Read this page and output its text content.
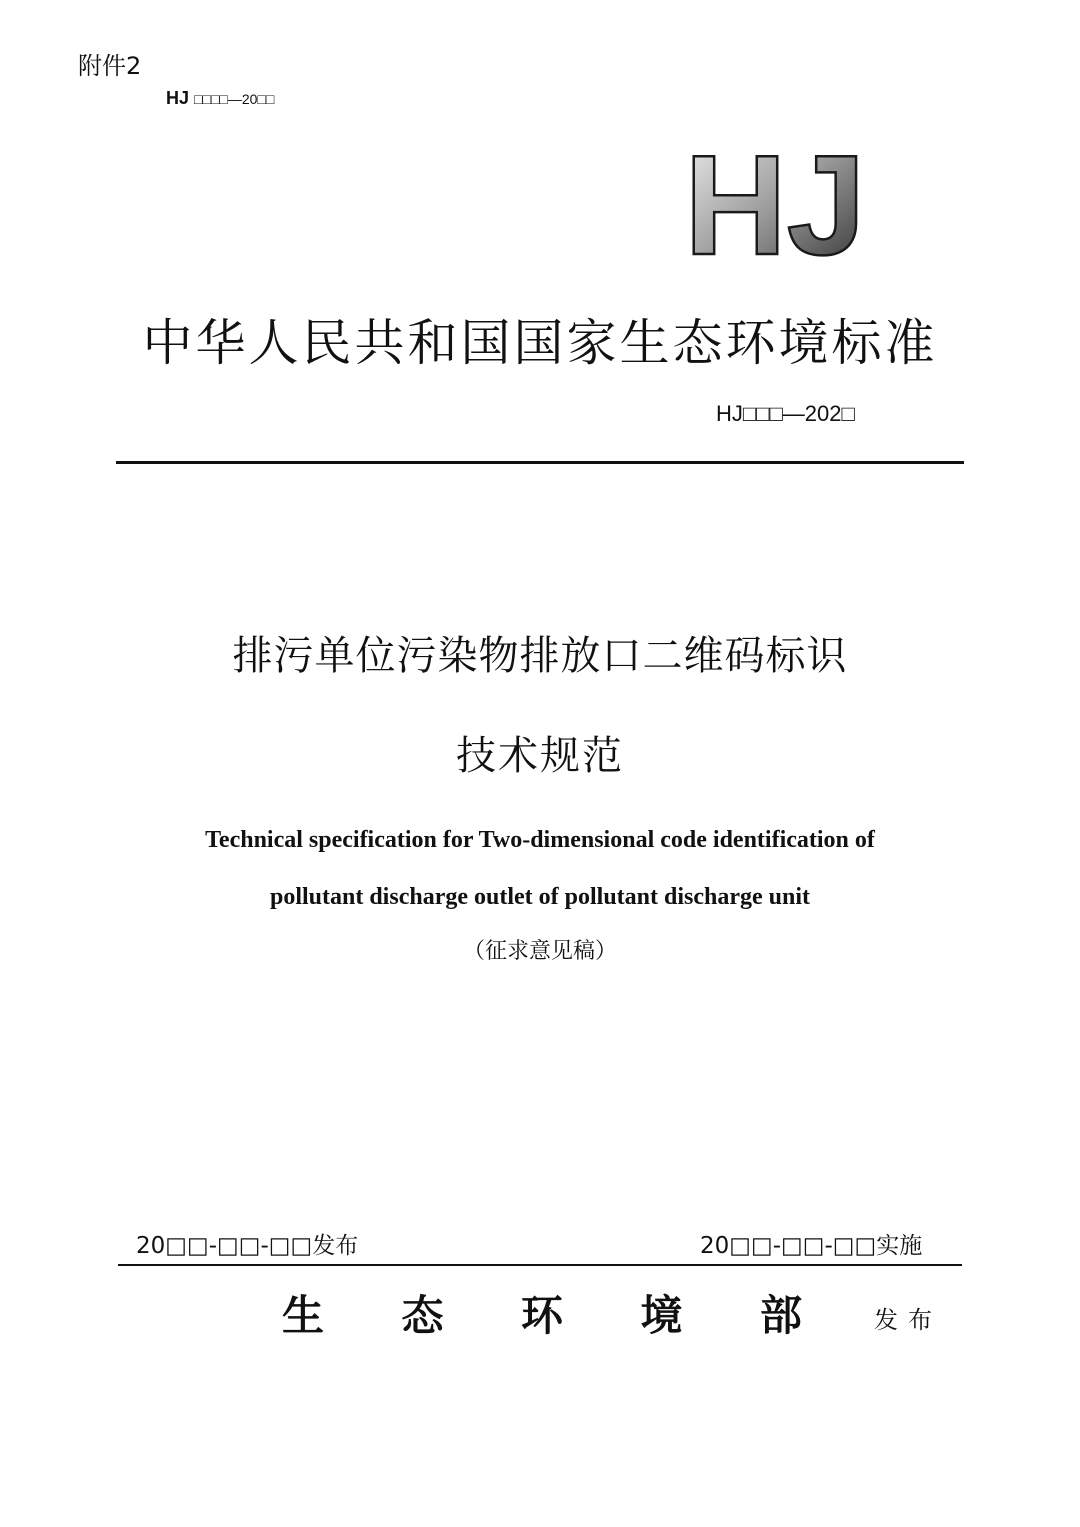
附件2
HJ □□□□—20□□
HJ
中华人民共和国国家生态环境标准
HJ□□□—202□
排污单位污染物排放口二维码标识
技术规范
Technical specification for Two-dimensional code identification of
pollutant discharge outlet of pollutant discharge unit
（征求意见稿）
20□□-□□-□□发布	20□□-□□-□□实施
生 态 环 境 部	发布
